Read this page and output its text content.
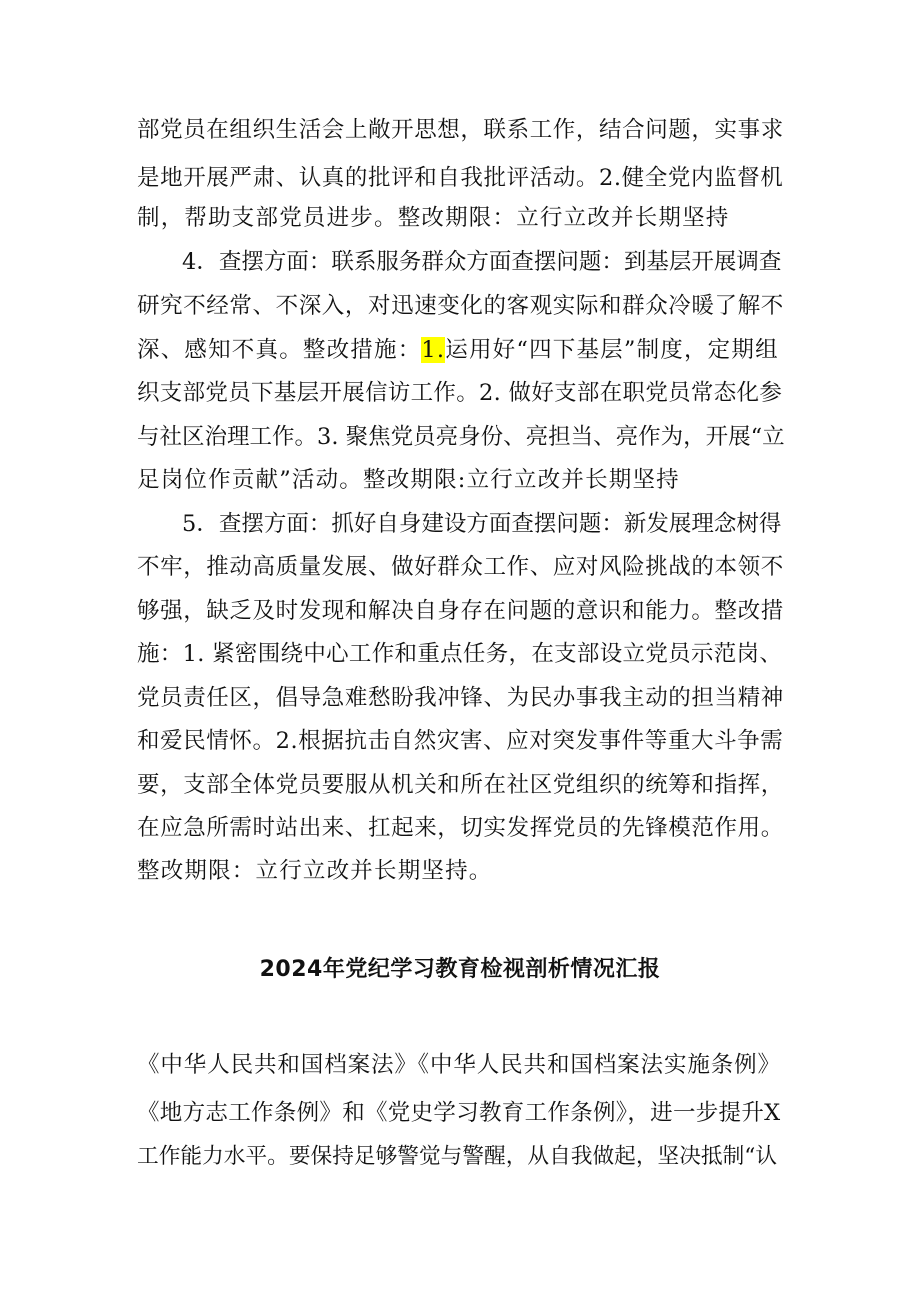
部党员在组织生活会上敞开思想，联系工作，结合问题，实事求
是地开展严肃、认真的批评和自我批评活动。2.健全党内监督机
制，帮助支部党员进步。整改期限：立行立改并长期坚持
4．查摆方面：联系服务群众方面查摆问题：到基层开展调查
研究不经常、不深入，对迅速变化的客观实际和群众冷暖了解不
深、感知不真。整改措施：1.运用好“四下基层”制度，定期组
织支部党员下基层开展信访工作。2. 做好支部在职党员常态化参
与社区治理工作。3. 聚焦党员亮身份、亮担当、亮作为，开展“立
足岗位作贡献”活动。整改期限:立行立改并长期坚持
5．查摆方面：抓好自身建设方面查摆问题：新发展理念树得
不牢，推动高质量发展、做好群众工作、应对风险挑战的本领不
够强，缺乏及时发现和解决自身存在问题的意识和能力。整改措
施：1. 紧密围绕中心工作和重点任务，在支部设立党员示范岗、
党员责任区，倡导急难愁盼我冲锋、为民办事我主动的担当精神
和爱民情怀。2.根据抗击自然灾害、应对突发事件等重大斗争需
要，支部全体党员要服从机关和所在社区党组织的统筹和指挥，
在应急所需时站出来、扛起来，切实发挥党员的先锋模范作用。
整改期限：立行立改并长期坚持。
2024年党纪学习教育检视剖析情况汇报
《中华人民共和国档案法》《中华人民共和国档案法实施条例》
《地方志工作条例》和《党史学习教育工作条例》，进一步提升X
工作能力水平。要保持足够警觉与警醒，从自我做起，坚决抵制“认
